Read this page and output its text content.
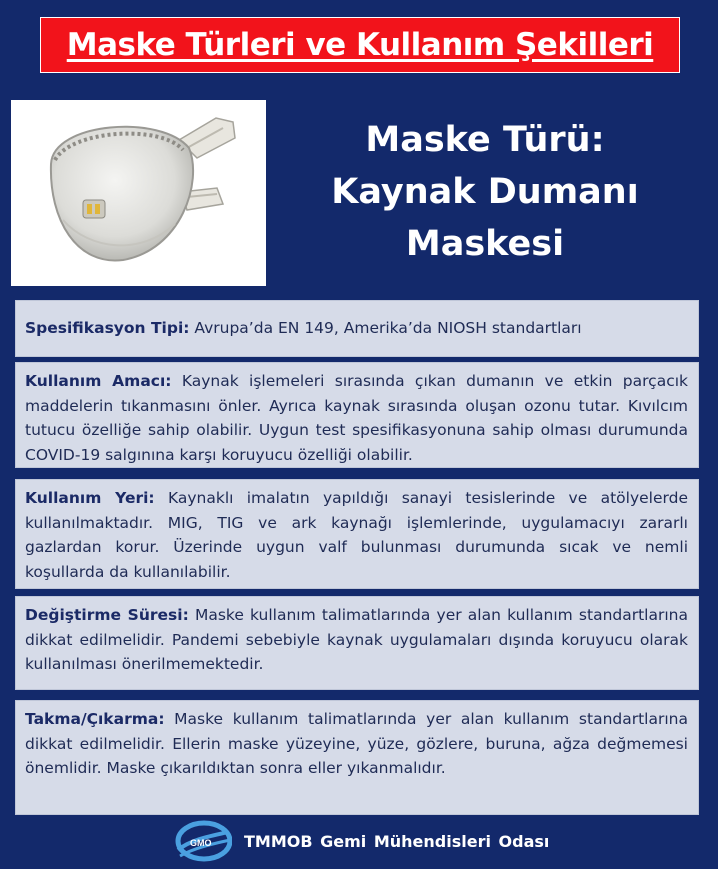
Maske Türleri ve Kullanım Şekilleri
Maske Türü:
Kaynak Dumanı
Maskesi
Spesifikasyon Tipi: Avrupa’da EN 149, Amerika’da NIOSH standartları
Kullanım Amacı: Kaynak işlemeleri sırasında çıkan dumanın ve etkin parçacık maddelerin tıkanmasını önler. Ayrıca kaynak sırasında oluşan ozonu tutar. Kıvılcım tutucu özelliğe sahip olabilir. Uygun test spesifikasyonuna sahip olması durumunda COVID-19 salgınına karşı koruyucu özelliği olabilir.
Kullanım Yeri: Kaynaklı imalatın yapıldığı sanayi tesislerinde ve atölyelerde kullanılmaktadır. MIG, TIG ve ark kaynağı işlemlerinde, uygulamacıyı zararlı gazlardan korur. Üzerinde uygun valf bulunması durumunda sıcak ve nemli koşullarda da kullanılabilir.
Değiştirme Süresi: Maske kullanım talimatlarında yer alan kullanım standartlarına dikkat edilmelidir. Pandemi sebebiyle kaynak uygulamaları dışında koruyucu olarak kullanılması önerilmemektedir.
Takma/Çıkarma: Maske kullanım talimatlarında yer alan kullanım standartlarına dikkat edilmelidir. Ellerin maske yüzeyine, yüze, gözlere, buruna, ağza değmemesi önemlidir. Maske çıkarıldıktan sonra eller yıkanmalıdır.
GMO TMMOB Gemi Mühendisleri Odası
